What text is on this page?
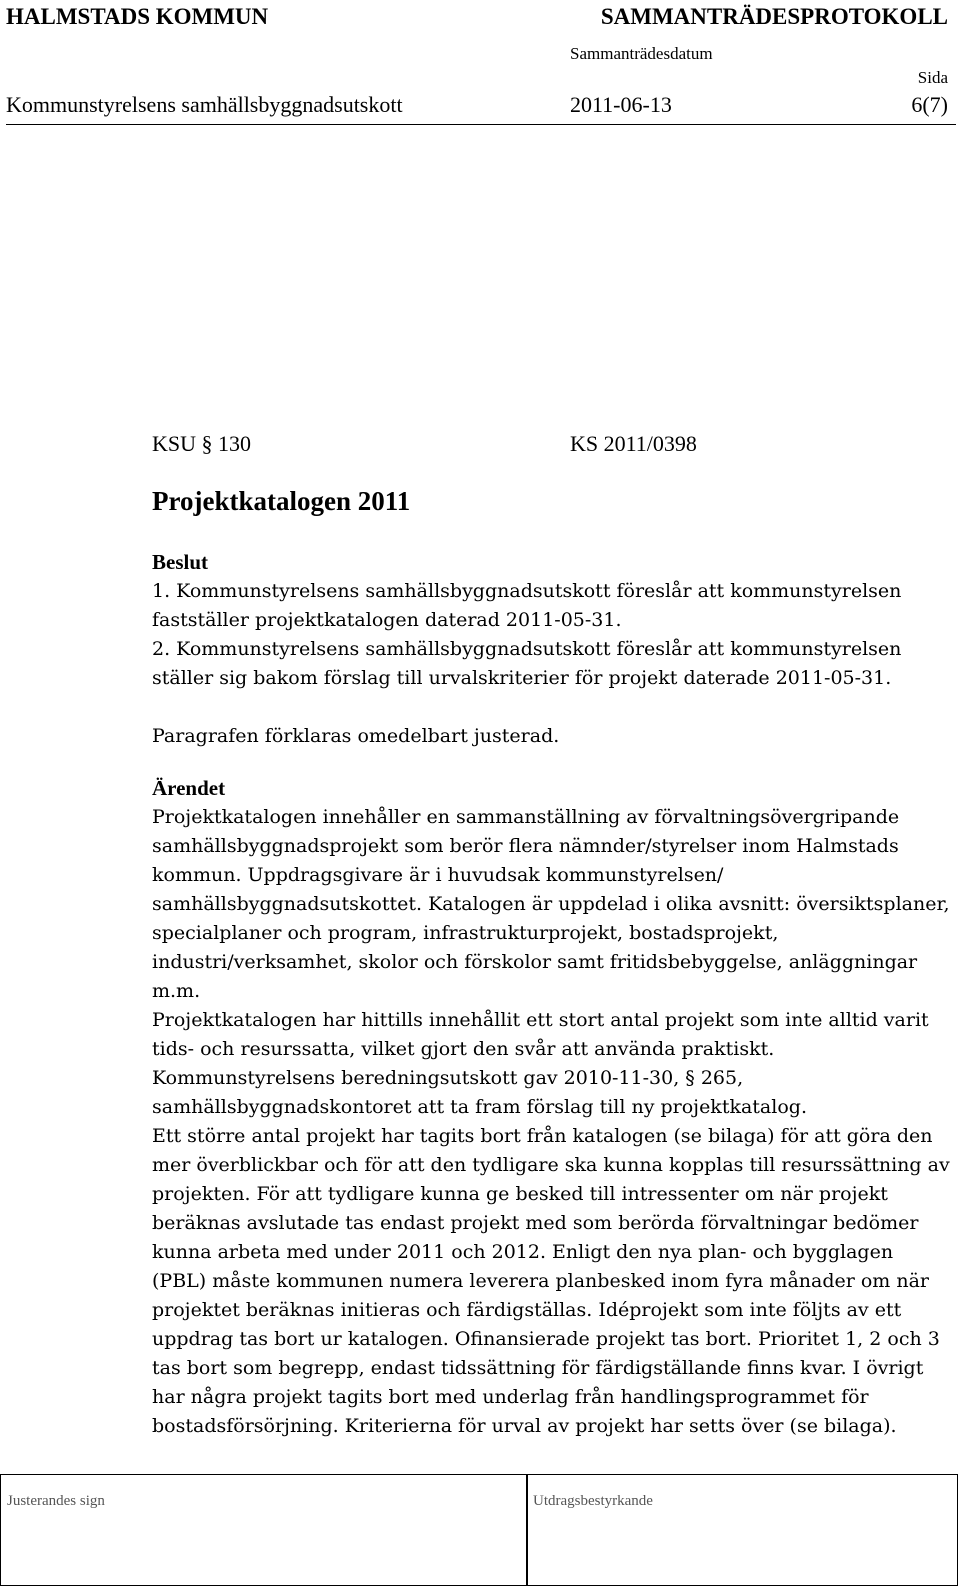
HALMSTADS KOMMUN	SAMMANTRÄDESPROTOKOLL
Sammanträdesdatum
Sida
Kommunstyrelsens samhällsbyggnadsutskott	2011-06-13	6(7)
KSU § 130	KS 2011/0398
Projektkatalogen 2011

Beslut

1. Kommunstyrelsens samhällsbyggnadsutskott föreslår att kommunstyrelsen fastställer projektkatalogen daterad 2011-05-31.

2. Kommunstyrelsens samhällsbyggnadsutskott föreslår att kommunstyrelsen ställer sig bakom förslag till urvalskriterier för projekt daterade 2011-05-31.

Paragrafen förklaras omedelbart justerad.

Ärendet

Projektkatalogen innehåller en sammanställning av förvaltningsövergripande samhällsbyggnadsprojekt som berör flera nämnder/styrelser inom Halmstads kommun. Uppdragsgivare är i huvudsak kommunstyrelsen/ samhällsbyggnadsutskottet. Katalogen är uppdelad i olika avsnitt: översiktsplaner, specialplaner och program, infrastrukturprojekt, bostadsprojekt, industri/verksamhet, skolor och förskolor samt fritidsbebyggelse, anläggningar m.m.

Projektkatalogen har hittills innehållit ett stort antal projekt som inte alltid varit tids- och resurssatta, vilket gjort den svår att använda praktiskt.

Kommunstyrelsens beredningsutskott gav 2010-11-30, § 265, samhällsbyggnadskontoret att ta fram förslag till ny projektkatalog.

Ett större antal projekt har tagits bort från katalogen (se bilaga) för att göra den mer överblickbar och för att den tydligare ska kunna kopplas till resurssättning av projekten. För att tydligare kunna ge besked till intressenter om när projekt beräknas avslutade tas endast projekt med som berörda förvaltningar bedömer kunna arbeta med under 2011 och 2012. Enligt den nya plan- och bygglagen (PBL) måste kommunen numera leverera planbesked inom fyra månader om när projektet beräknas initieras och färdigställas. Idéprojekt som inte följts av ett uppdrag tas bort ur katalogen. Ofinansierade projekt tas bort. Prioritet 1, 2 och 3 tas bort som begrepp, endast tidssättning för färdigställande finns kvar. I övrigt har några projekt tagits bort med underlag från handlingsprogrammet för bostadsförsörjning. Kriterierna för urval av projekt har setts över (se bilaga).

Justerandes sign	Utdragsbestyrkande
